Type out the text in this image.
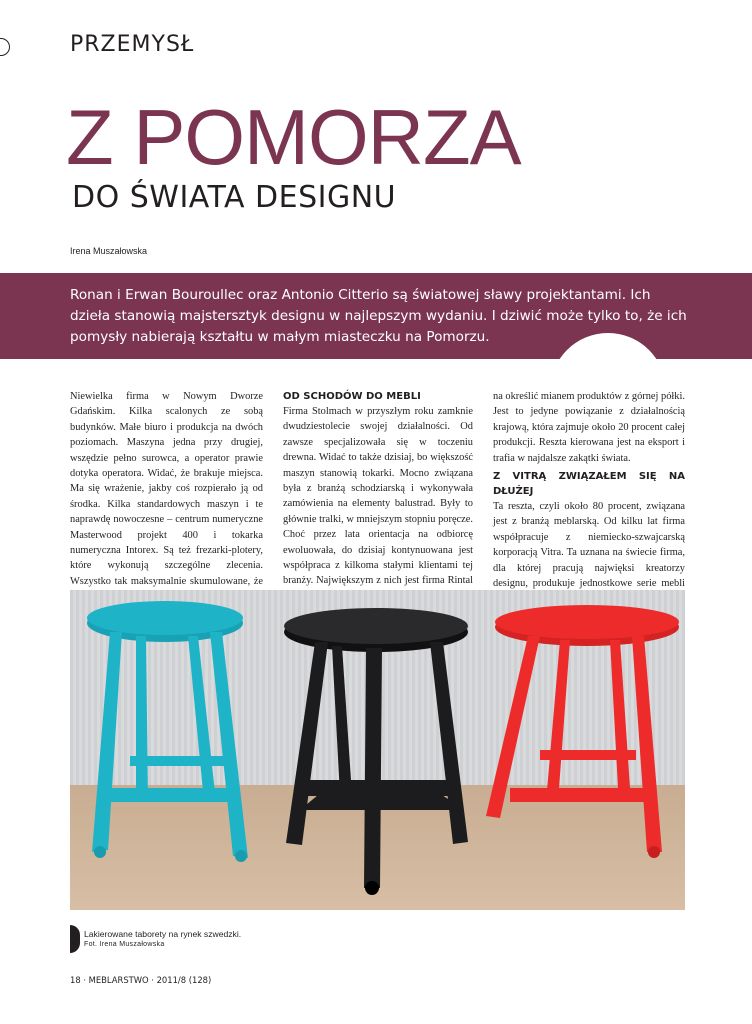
PRZEMYSŁ
Z POMORZA
DO ŚWIATA DESIGNU
Irena Muszałowska
Ronan i Erwan Bouroullec oraz Antonio Citterio są światowej sławy projektantami. Ich dzieła stanowią majstersztyk designu w najlepszym wydaniu. I dziwić może tylko to, że ich pomysły nabierają kształtu w małym miasteczku na Pomorzu.

Niewielka firma w Nowym Dworze Gdańskim. Kilka scalonych ze sobą budynków. Małe biuro i produkcja na dwóch poziomach. Maszyna jedna przy drugiej, wszędzie pełno surowca, a operator prawie dotyka operatora. Widać, że brakuje miejsca. Ma się wrażenie, jakby coś rozpierało ją od środka. Kilka standardowych maszyn i te naprawdę nowoczesne – centrum numeryczne Masterwood projekt 400 i tokarka numeryczna Intorex. Są też frezarki-plotery, które wykonują szczególne zlecenia. Wszystko tak maksymalnie skumulowane, że

OD SCHODÓW DO MEBLI

Firma Stolmach w przyszłym roku zamknie dwudziestolecie swojej działalności. Od zawsze specjalizowała się w toczeniu drewna. Widać to także dzisiaj, bo większość maszyn stanowią tokarki. Mocno związana była z branżą schodziarską i wykonywała zamówienia na elementy balustrad. Były to głównie tralki, w mniejszym stopniu poręcze. Choć przez lata orientacja na odbiorcę ewoluowała, do dzisiaj kontynuowana jest współpraca z kilkoma stałymi klientami tej branży. Największym z nich jest firma Rintal

na określić mianem produktów z górnej półki. Jest to jedyne powiązanie z działalnością krajową, która zajmuje około 20 procent całej produkcji. Reszta kierowana jest na eksport i trafia w najdalsze zakątki świata.

Z VITRĄ ZWIĄZAŁEM SIĘ NA DŁUŻEJ

Ta reszta, czyli około 80 procent, związana jest z branżą meblarską. Od kilku lat firma współpracuje z niemiecko-szwajcarską korporacją Vitra. Ta uznana na świecie firma, dla której pracują najwięksi kreatorzy designu, produkuje jednostkowe serie mebli

Lakierowane taborety na rynek szwedzki.
Fot. Irena Muszałowska
18 · MEBLARSTWO · 2011/8 (128)
